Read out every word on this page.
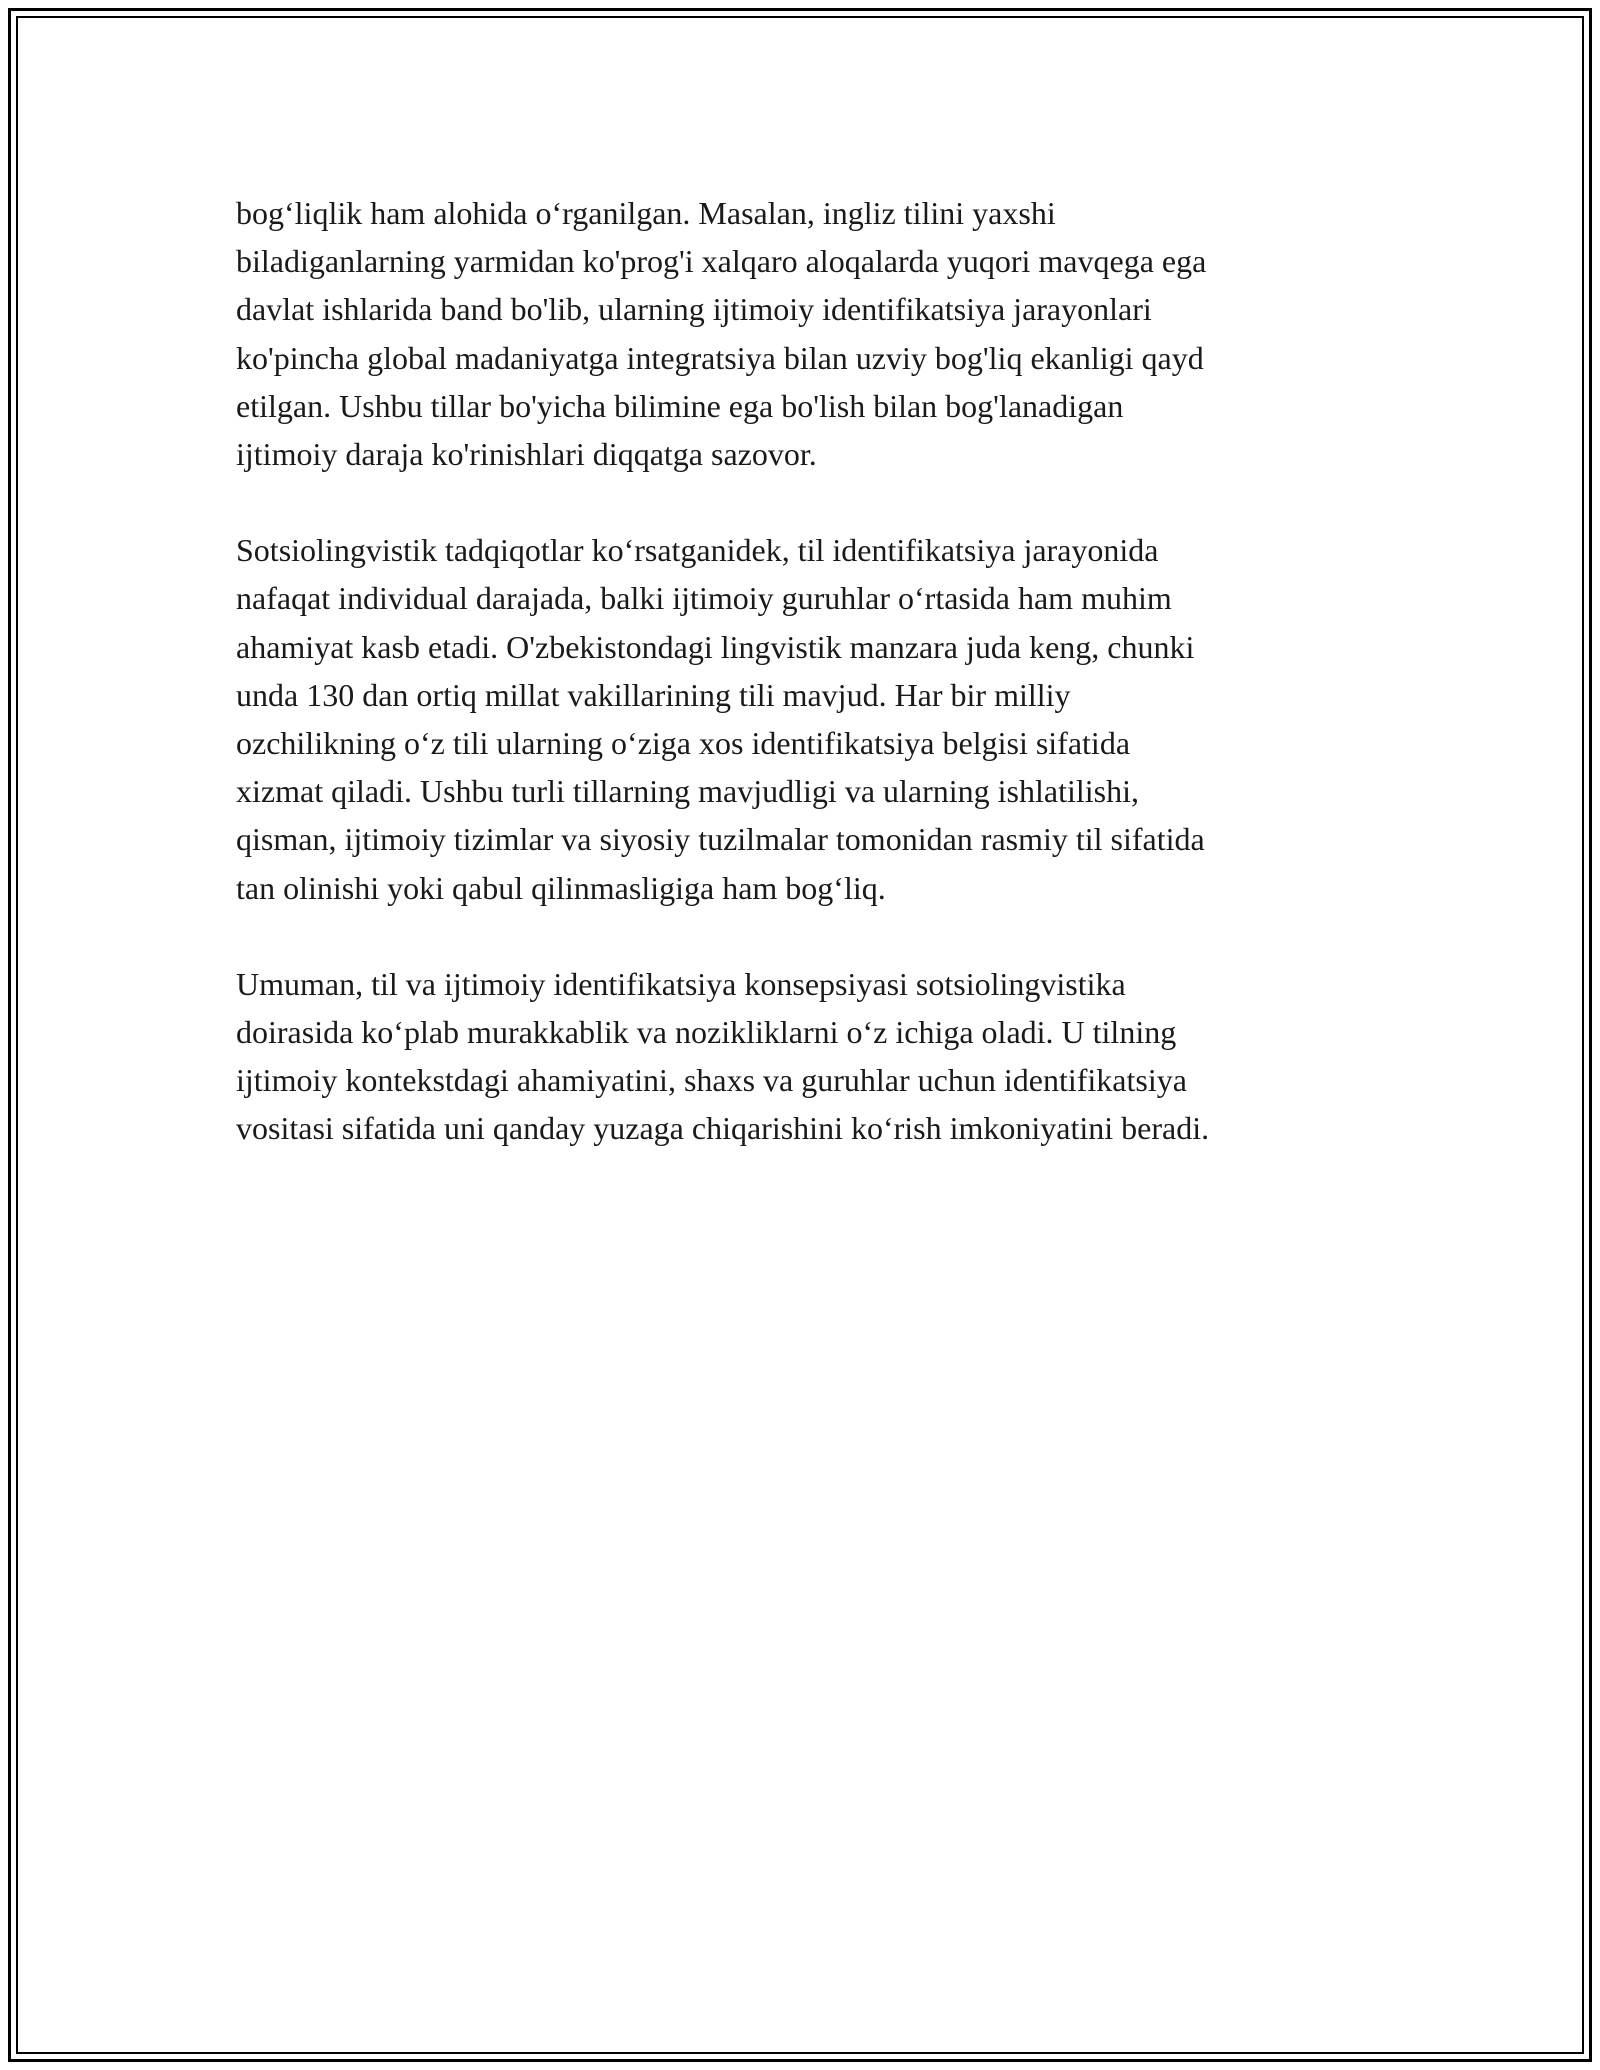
bog‘liqlik ham alohida o‘rganilgan. Masalan, ingliz tilini yaxshi
biladiganlarning yarmidan ko'prog'i xalqaro aloqalarda yuqori mavqega ega
davlat ishlarida band bo'lib, ularning ijtimoiy identifikatsiya jarayonlari
ko'pincha global madaniyatga integratsiya bilan uzviy bog'liq ekanligi qayd
etilgan. Ushbu tillar bo'yicha bilimine ega bo'lish bilan bog'lanadigan
ijtimoiy daraja ko'rinishlari diqqatga sazovor.

Sotsiolingvistik tadqiqotlar ko‘rsatganidek, til identifikatsiya jarayonida
nafaqat individual darajada, balki ijtimoiy guruhlar o‘rtasida ham muhim
ahamiyat kasb etadi. O'zbekistondagi lingvistik manzara juda keng, chunki
unda 130 dan ortiq millat vakillarining tili mavjud. Har bir milliy
ozchilikning o‘z tili ularning o‘ziga xos identifikatsiya belgisi sifatida
xizmat qiladi. Ushbu turli tillarning mavjudligi va ularning ishlatilishi,
qisman, ijtimoiy tizimlar va siyosiy tuzilmalar tomonidan rasmiy til sifatida
tan olinishi yoki qabul qilinmasligiga ham bog‘liq.

Umuman, til va ijtimoiy identifikatsiya konsepsiyasi sotsiolingvistika
doirasida ko‘plab murakkablik va nozikliklarni o‘z ichiga oladi. U tilning
ijtimoiy kontekstdagi ahamiyatini, shaxs va guruhlar uchun identifikatsiya
vositasi sifatida uni qanday yuzaga chiqarishini ko‘rish imkoniyatini beradi.
